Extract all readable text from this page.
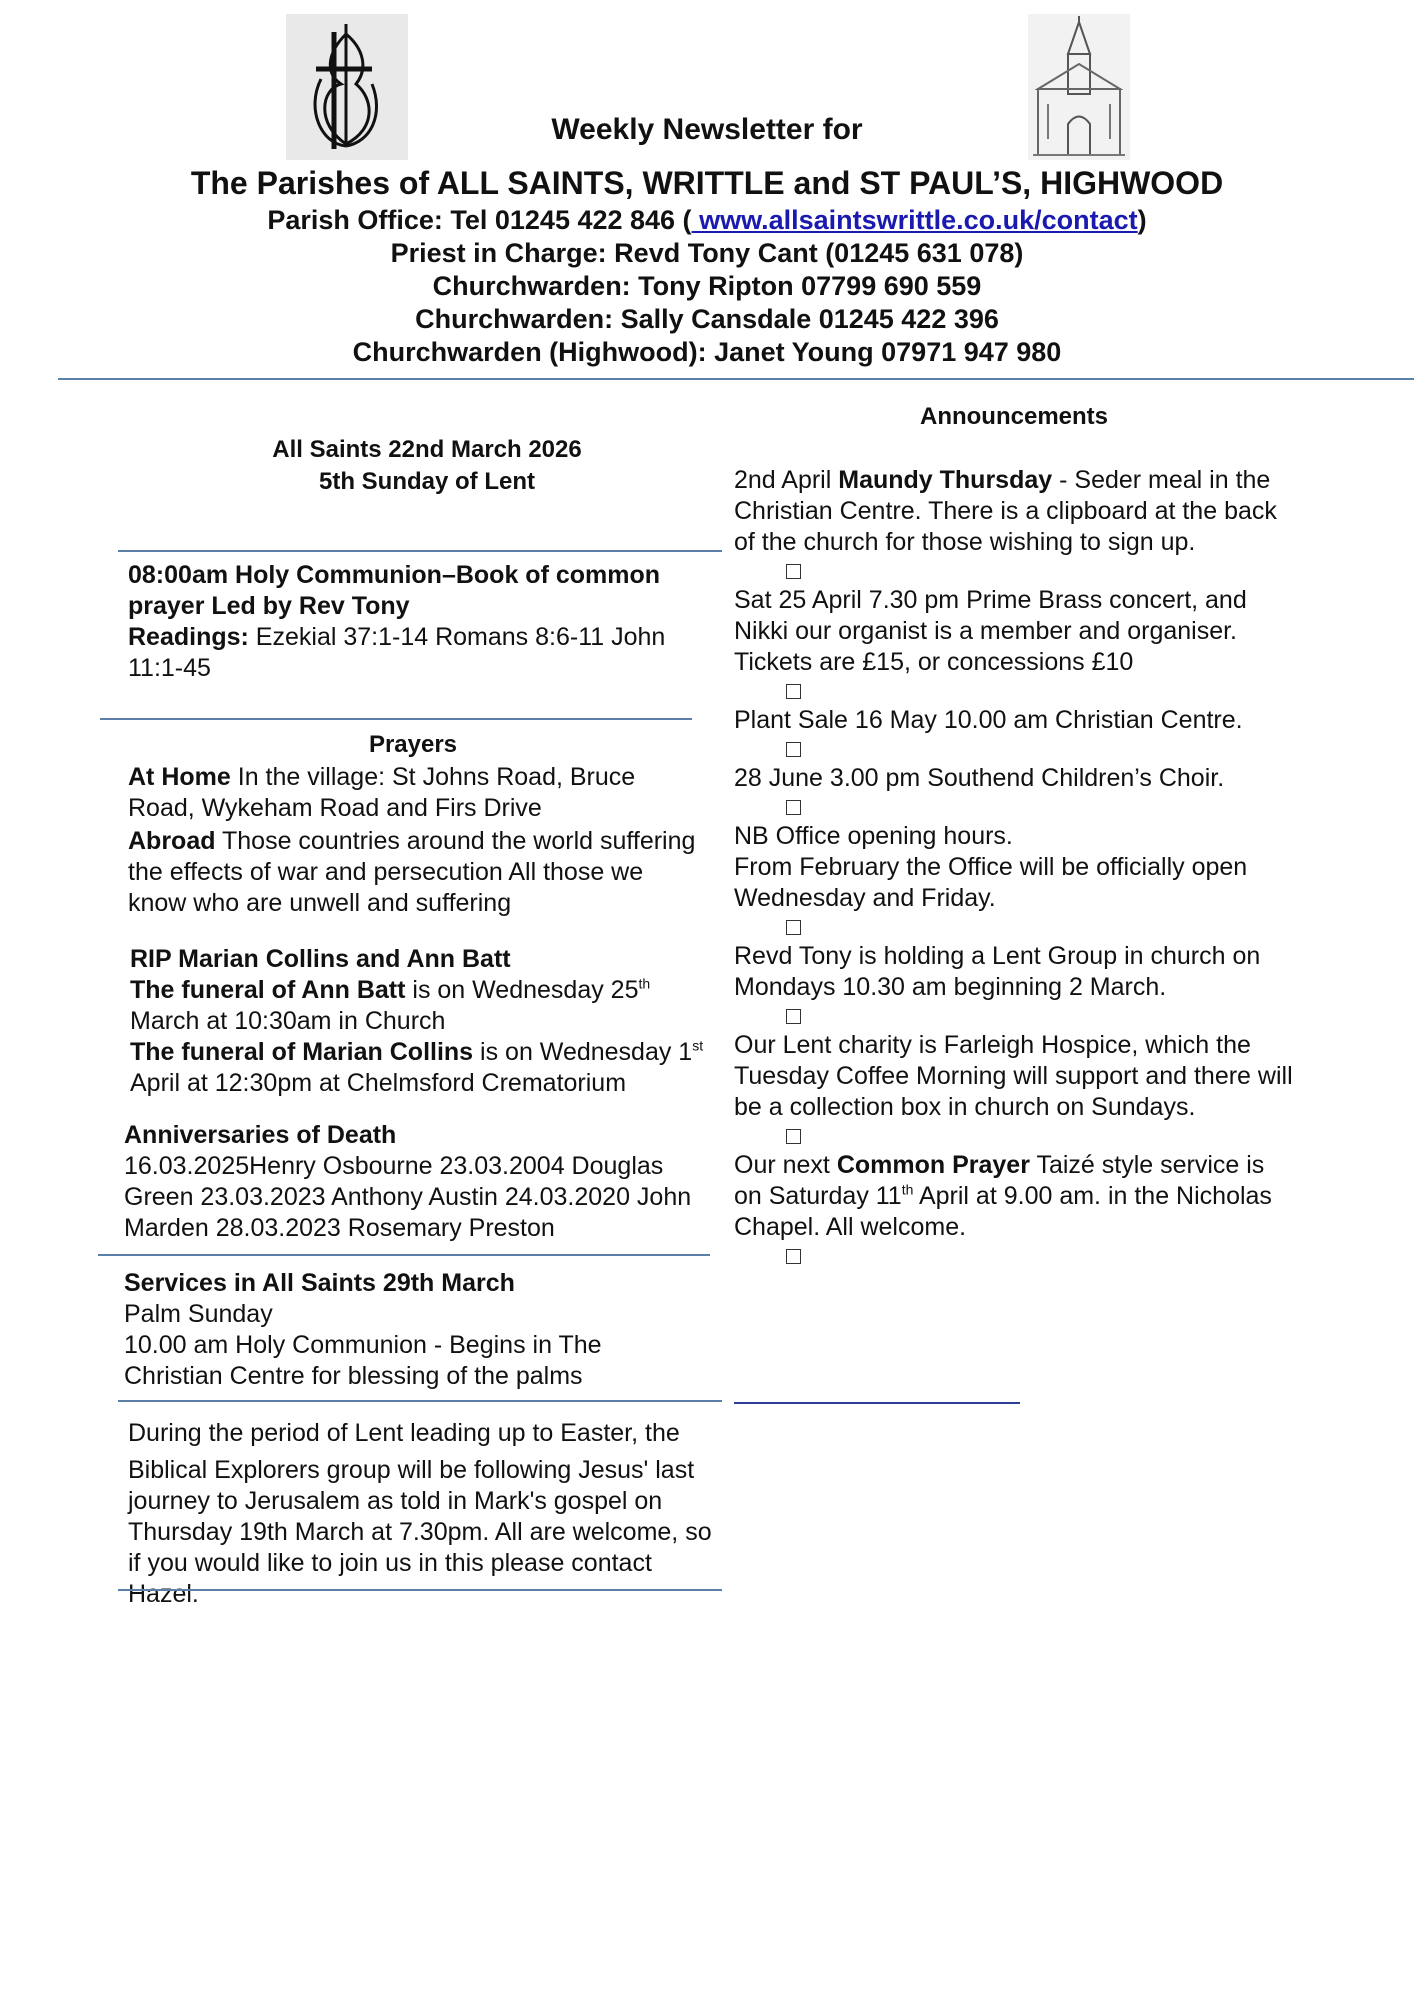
Weekly Newsletter for
The Parishes of ALL SAINTS, WRITTLE and ST PAUL’S, HIGHWOOD
Parish Office: Tel 01245 422 846 ( www.allsaintswrittle.co.uk/contact)
Priest in Charge: Revd Tony Cant (01245 631 078)
Churchwarden: Tony Ripton 07799 690 559
Churchwarden: Sally Cansdale 01245 422 396
Churchwarden (Highwood): Janet Young 07971 947 980
All Saints 22nd March 2026
5th Sunday of Lent
08:00am Holy Communion–Book of common prayer Led by Rev Tony
Readings: Ezekial 37:1-14 Romans 8:6-11 John 11:1-45
Prayers
At Home In the village: St Johns Road, Bruce Road, Wykeham Road and Firs Drive
Abroad Those countries around the world suffering the effects of war and persecution All those we know who are unwell and suffering
RIP Marian Collins and Ann Batt
The funeral of Ann Batt is on Wednesday 25th March at 10:30am in Church
The funeral of Marian Collins is on Wednesday 1st April at 12:30pm at Chelmsford Crematorium
Anniversaries of Death
16.03.2025Henry Osbourne 23.03.2004 Douglas Green 23.03.2023 Anthony Austin 24.03.2020 John Marden 28.03.2023 Rosemary Preston
Services in All Saints 29th March
Palm Sunday
10.00 am Holy Communion - Begins in The Christian Centre for blessing of the palms
During the period of Lent leading up to Easter, the
Biblical Explorers group will be following Jesus' last journey to Jerusalem as told in Mark's gospel on Thursday 19th March at 7.30pm. All are welcome, so if you would like to join us in this please contact Hazel.
Announcements
2nd April Maundy Thursday - Seder meal in the Christian Centre. There is a clipboard at the back of the church for those wishing to sign up.
Sat 25 April 7.30 pm Prime Brass concert, and Nikki our organist is a member and organiser.
Tickets are £15, or concessions £10
Plant Sale 16 May 10.00 am Christian Centre.
28 June 3.00 pm Southend Children’s Choir.
NB Office opening hours.
From February the Office will be officially open Wednesday and Friday.
Revd Tony is holding a Lent Group in church on Mondays 10.30 am beginning 2 March.
Our Lent charity is Farleigh Hospice, which the Tuesday Coffee Morning will support and there will be a collection box in church on Sundays.
Our next Common Prayer Taizé style service is on Saturday 11th April at 9.00 am. in the Nicholas Chapel. All welcome.
